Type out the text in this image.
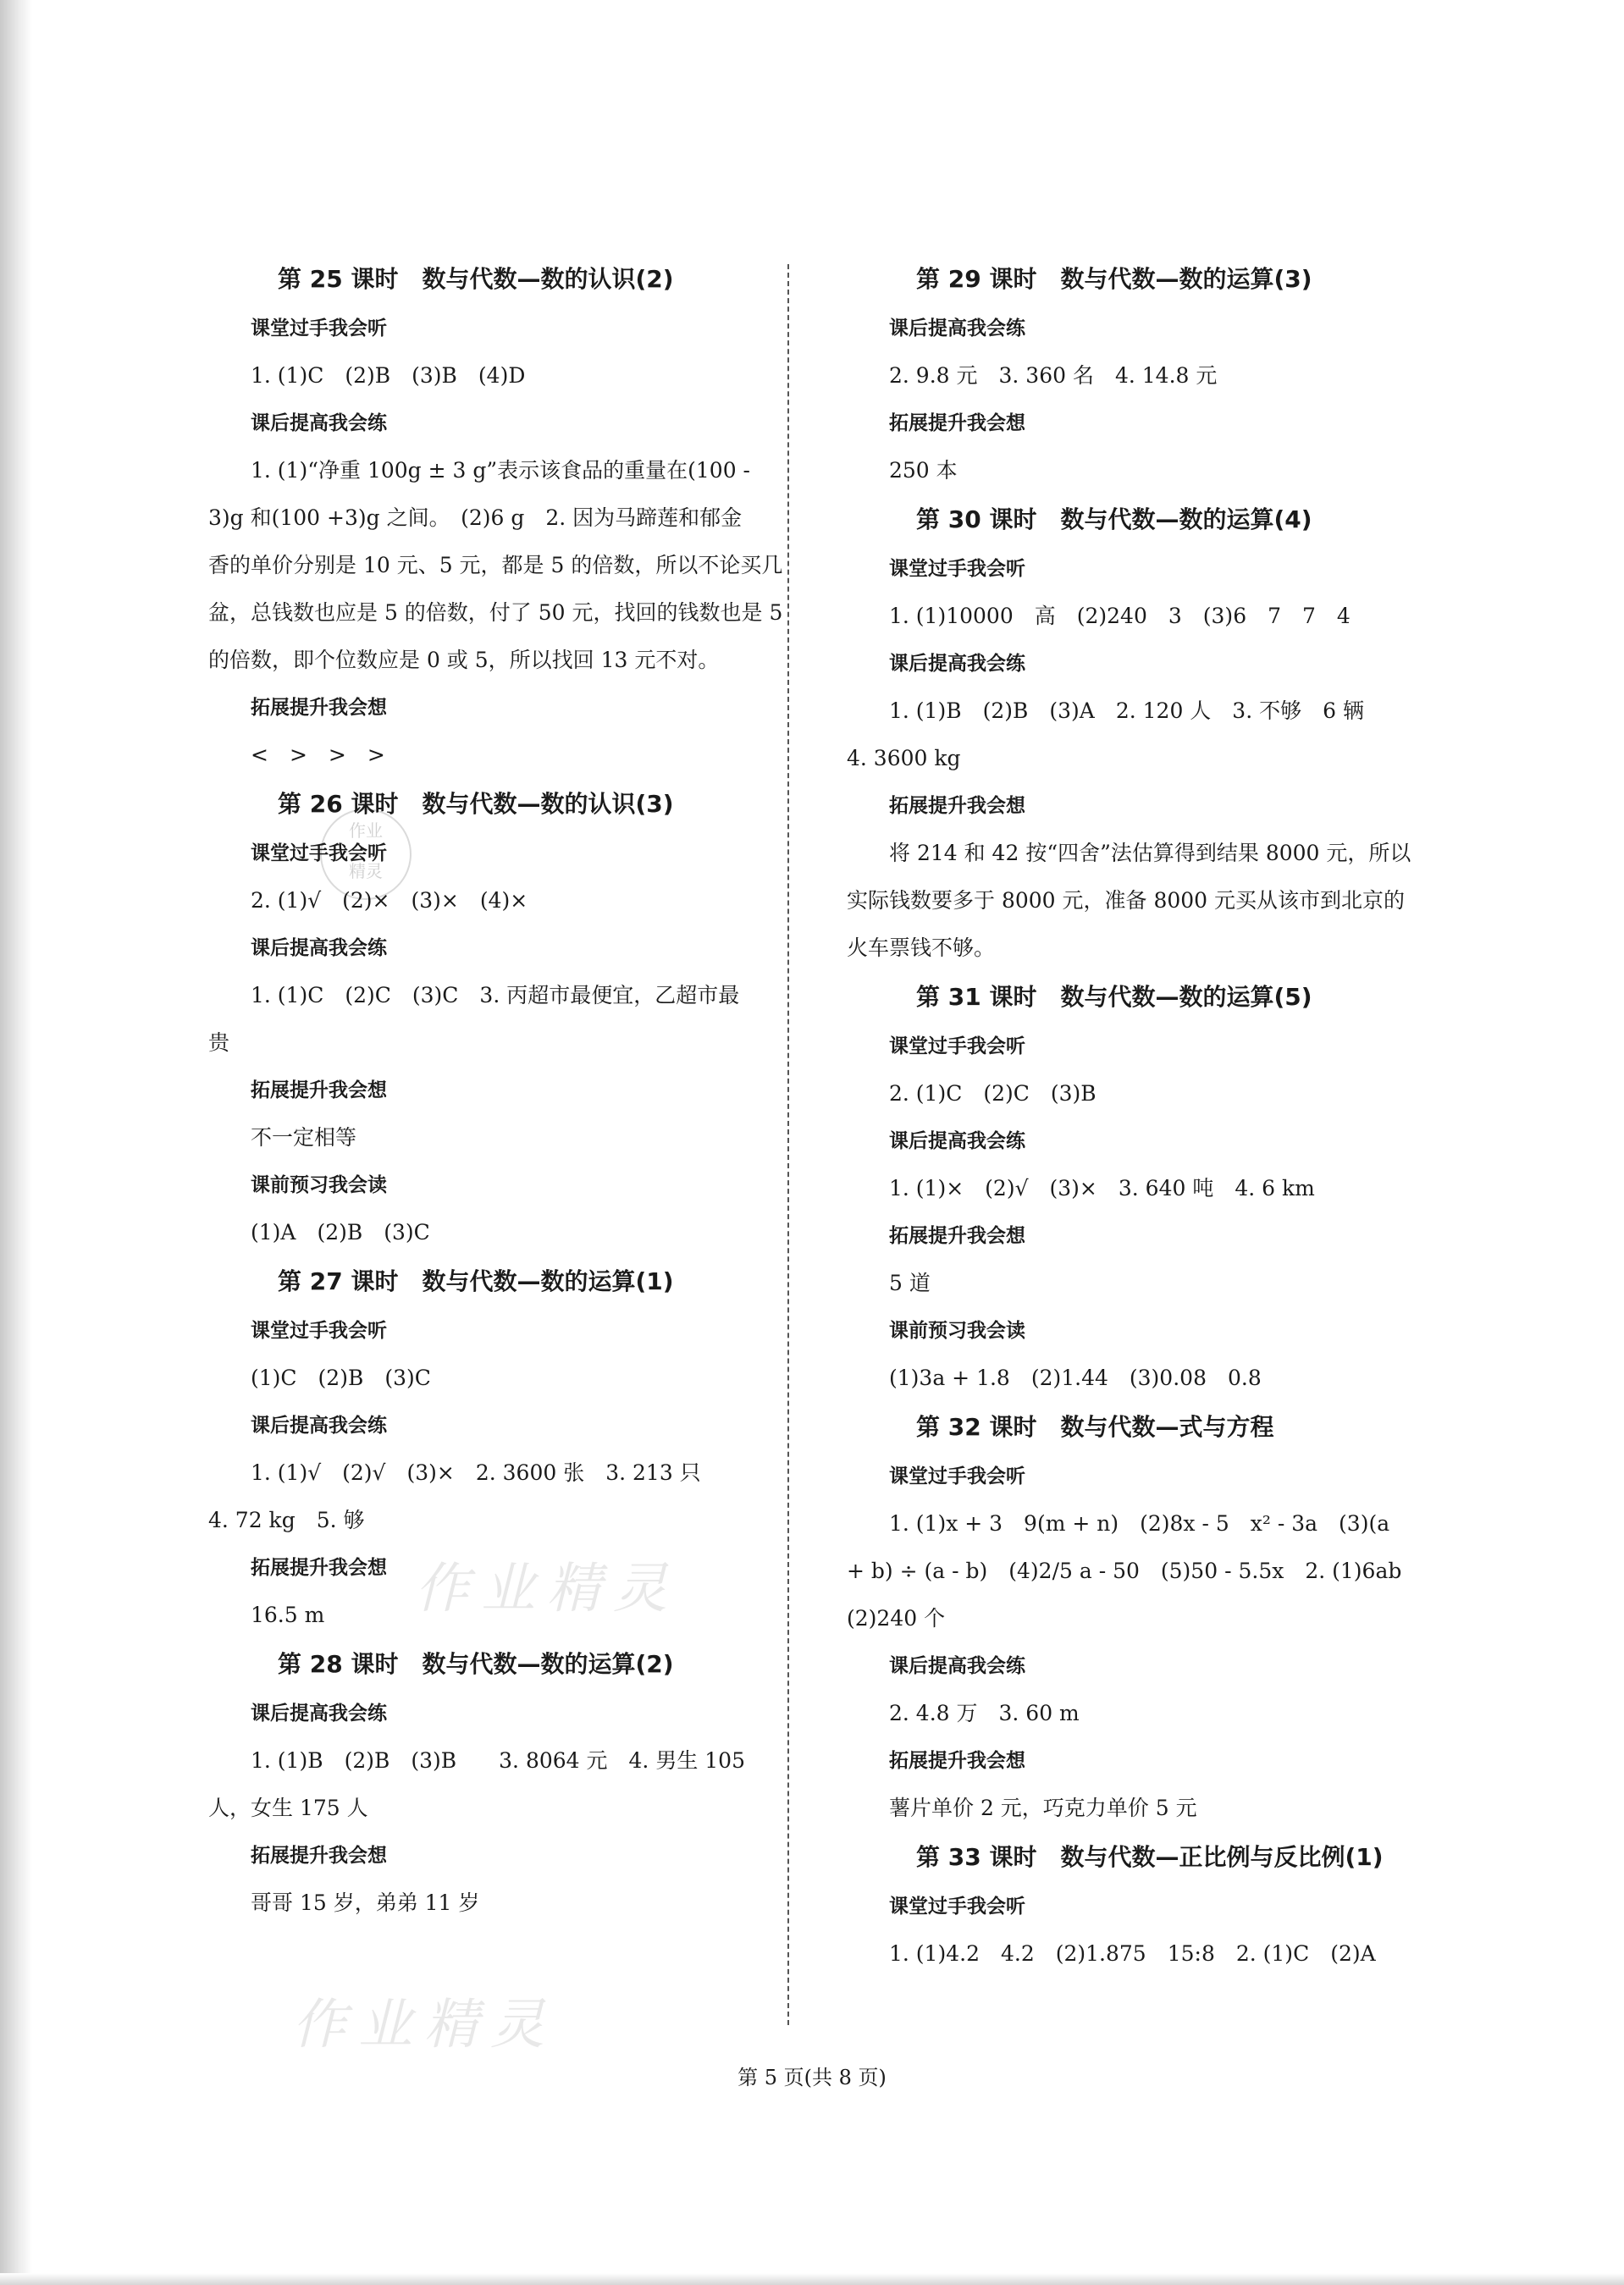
作业
精灵
作业精灵
作业精灵
第 25 课时　数与代数—数的认识(2)
课堂过手我会听
1. (1)C　(2)B　(3)B　(4)D
课后提高我会练
1. (1)“净重 100g ± 3 g”表示该食品的重量在(100 -
3)g 和(100 +3)g 之间。　(2)6 g　2. 因为马蹄莲和郁金
香的单价分别是 10 元、5 元，都是 5 的倍数，所以不论买几
盆，总钱数也应是 5 的倍数，付了 50 元，找回的钱数也是 5
的倍数，即个位数应是 0 或 5，所以找回 13 元不对。
拓展提升我会想
<　>　>　>
第 26 课时　数与代数—数的认识(3)
课堂过手我会听
2. (1)√　(2)×　(3)×　(4)×
课后提高我会练
1. (1)C　(2)C　(3)C　3. 丙超市最便宜，乙超市最
贵
拓展提升我会想
不一定相等
课前预习我会读
(1)A　(2)B　(3)C
第 27 课时　数与代数—数的运算(1)
课堂过手我会听
(1)C　(2)B　(3)C
课后提高我会练
1. (1)√　(2)√　(3)×　2. 3600 张　3. 213 只
4. 72 kg　5. 够
拓展提升我会想
16.5 m
第 28 课时　数与代数—数的运算(2)
课后提高我会练
1. (1)B　(2)B　(3)B　　3. 8064 元　4. 男生 105
人，女生 175 人
拓展提升我会想
哥哥 15 岁，弟弟 11 岁
第 29 课时　数与代数—数的运算(3)
课后提高我会练
2. 9.8 元　3. 360 名　4. 14.8 元
拓展提升我会想
250 本
第 30 课时　数与代数—数的运算(4)
课堂过手我会听
1. (1)10000　高　(2)240　3　(3)6　7　7　4
课后提高我会练
1. (1)B　(2)B　(3)A　2. 120 人　3. 不够　6 辆
4. 3600 kg
拓展提升我会想
将 214 和 42 按“四舍”法估算得到结果 8000 元，所以
实际钱数要多于 8000 元，准备 8000 元买从该市到北京的
火车票钱不够。
第 31 课时　数与代数—数的运算(5)
课堂过手我会听
2. (1)C　(2)C　(3)B
课后提高我会练
1. (1)×　(2)√　(3)×　3. 640 吨　4. 6 km
拓展提升我会想
5 道
课前预习我会读
(1)3a + 1.8　(2)1.44　(3)0.08　0.8
第 32 课时　数与代数—式与方程
课堂过手我会听
1. (1)x + 3　9(m + n)　(2)8x - 5　x² - 3a　(3)(a
+ b) ÷ (a - b)　(4)2/5 a - 50　(5)50 - 5.5x　2. (1)6ab
(2)240 个
课后提高我会练
2. 4.8 万　3. 60 m
拓展提升我会想
薯片单价 2 元，巧克力单价 5 元
第 33 课时　数与代数—正比例与反比例(1)
课堂过手我会听
1. (1)4.2　4.2　(2)1.875　15:8　2. (1)C　(2)A
第 5 页(共 8 页)
